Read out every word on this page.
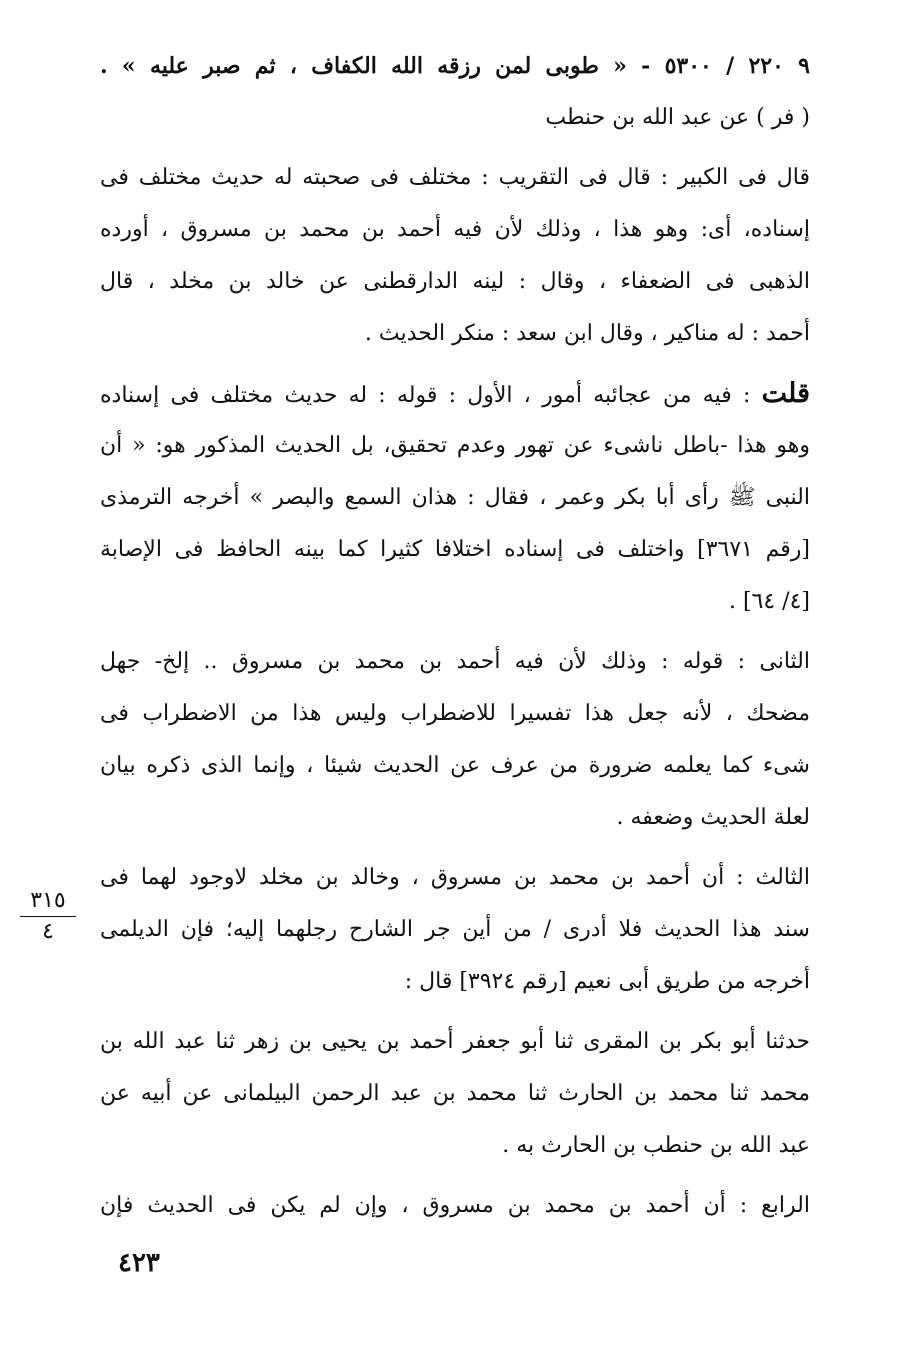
٩ ٢٢٠ / ٥٣٠٠ - « طوبى لمن رزقه الله الكفاف ، ثم صبر عليه » .
( فر ) عن عبد الله بن حنطب
قال فى الكبير : قال فى التقريب : مختلف فى صحبته له حديث مختلف فى
إسناده، أى: وهو هذا ، وذلك لأن فيه أحمد بن محمد بن مسروق ، أورده
الذهبى فى الضعفاء ، وقال : لينه الدارقطنى عن خالد بن مخلد ، قال
أحمد : له مناكير ، وقال ابن سعد : منكر الحديث .
قلت : فيه من عجائبه أمور ، الأول : قوله : له حديث مختلف فى إسناده
وهو هذا -باطل ناشىء عن تهور وعدم تحقيق، بل الحديث المذكور هو: « أن
النبى ﷺ رأى أبا بكر وعمر ، فقال : هذان السمع والبصر » أخرجه الترمذى
[رقم ٣٦٧١] واختلف فى إسناده اختلافا كثيرا كما بينه الحافظ فى الإصابة
[٤/ ٦٤] .
الثانى : قوله : وذلك لأن فيه أحمد بن محمد بن مسروق .. إلخ- جهل
مضحك ، لأنه جعل هذا تفسيرا للاضطراب وليس هذا من الاضطراب فى
شىء كما يعلمه ضرورة من عرف عن الحديث شيئا ، وإنما الذى ذكره بيان
لعلة الحديث وضعفه .
الثالث : أن أحمد بن محمد بن مسروق ، وخالد بن مخلد لاوجود لهما فى
سند هذا الحديث فلا أدرى / من أين جر الشارح رجلهما إليه؛ فإن الديلمى
أخرجه من طريق أبى نعيم [رقم ٣٩٢٤] قال :
حدثنا أبو بكر بن المقرى ثنا أبو جعفر أحمد بن يحيى بن زهر ثنا عبد الله بن
محمد ثنا محمد بن الحارث ثنا محمد بن عبد الرحمن البيلمانى عن أبيه عن
عبد الله بن حنطب بن الحارث به .
الرابع : أن أحمد بن محمد بن مسروق ، وإن لم يكن فى الحديث فإن
٣١٥
٤
٤٢٣
